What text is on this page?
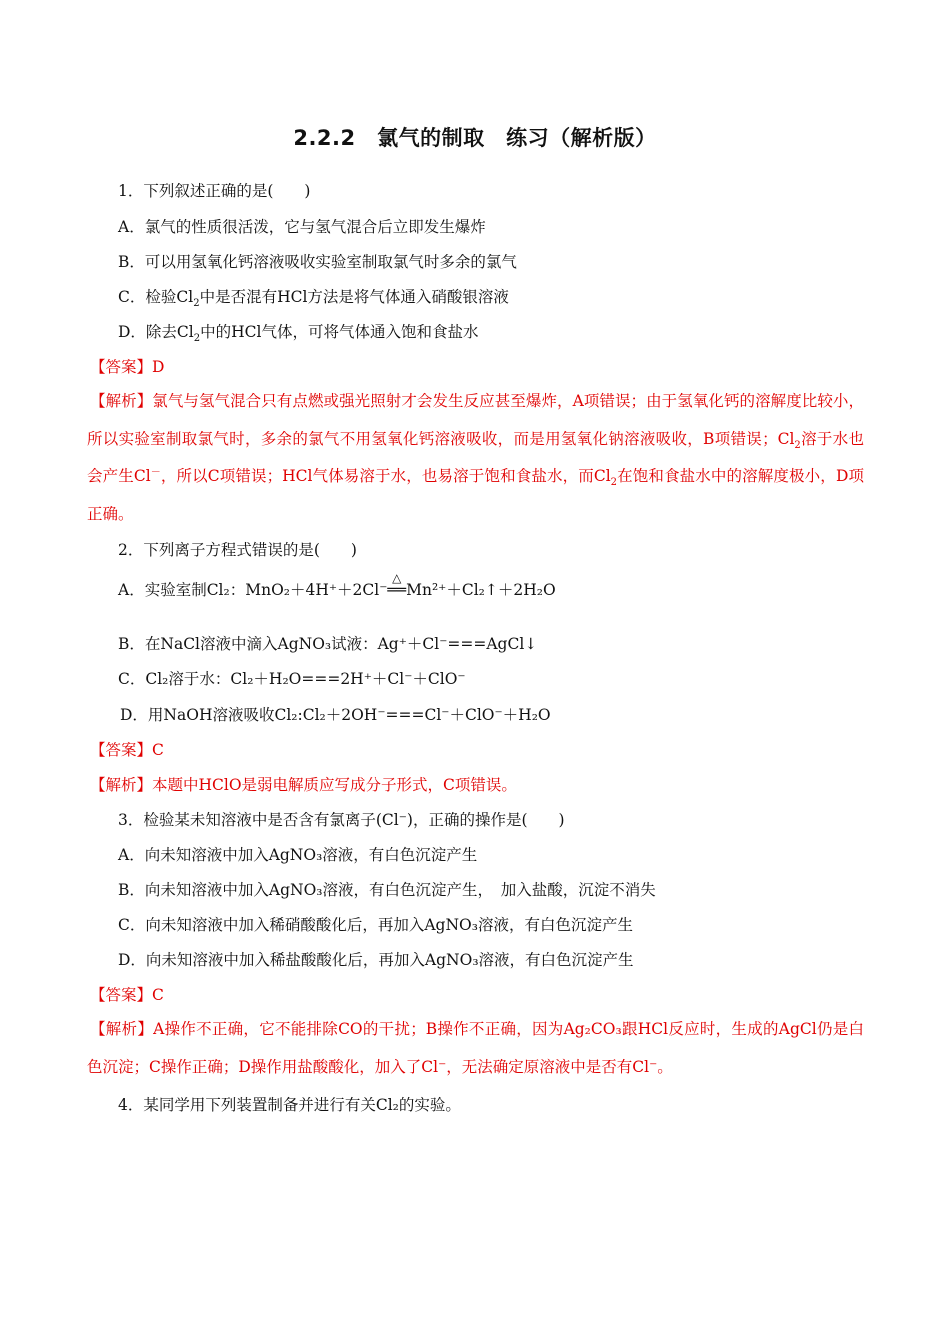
2.2.2　氯气的制取　练习（解析版）
1．下列叙述正确的是(　　)
A．氯气的性质很活泼，它与氢气混合后立即发生爆炸
B．可以用氢氧化钙溶液吸收实验室制取氯气时多余的氯气
C．检验$Cl_2$中是否混有HCl方法是将气体通入硝酸银溶液
D．除去$Cl_2$中的HCl气体，可将气体通入饱和食盐水
【答案】D
【解析】氯气与氢气混合只有点燃或强光照射才会发生反应甚至爆炸，A项错误；由于氢氧化钙的溶解度比较小，所以实验室制取氯气时，多余的氯气不用氢氧化钙溶液吸收，而是用氢氧化钠溶液吸收，B项错误；$Cl_2$溶于水也会产生Cl－，所以C项错误；HCl气体易溶于水，也易溶于饱和食盐水，而$Cl_2$在饱和食盐水中的溶解度极小，D项正确。
2．下列离子方程式错误的是(　　)
A．实验室制Cl₂：MnO₂＋4H⁺＋2Cl⁻
△
══Mn²⁺＋Cl₂↑＋2H₂O
B．在NaCl溶液中滴入AgNO₃试液：Ag⁺＋Cl⁻===AgCl↓
C．Cl₂溶于水：Cl₂＋H₂O===2H⁺＋Cl⁻＋ClO⁻
D．用NaOH溶液吸收Cl₂:Cl₂＋2OH⁻===Cl⁻＋ClO⁻＋H₂O
【答案】C
【解析】本题中HClO是弱电解质应写成分子形式，C项错误。
3．检验某未知溶液中是否含有氯离子(Cl⁻)，正确的操作是(　　)
A．向未知溶液中加入AgNO₃溶液，有白色沉淀产生
B．向未知溶液中加入AgNO₃溶液，有白色沉淀产生，　加入盐酸，沉淀不消失
C．向未知溶液中加入稀硝酸酸化后，再加入AgNO₃溶液，有白色沉淀产生
D．向未知溶液中加入稀盐酸酸化后，再加入AgNO₃溶液，有白色沉淀产生
【答案】C
【解析】A操作不正确，它不能排除CO的干扰；B操作不正确，因为Ag₂CO₃跟HCl反应时，生成的AgCl仍是白色沉淀；C操作正确；D操作用盐酸酸化，加入了Cl⁻，无法确定原溶液中是否有Cl⁻。
4．某同学用下列装置制备并进行有关Cl₂的实验。
